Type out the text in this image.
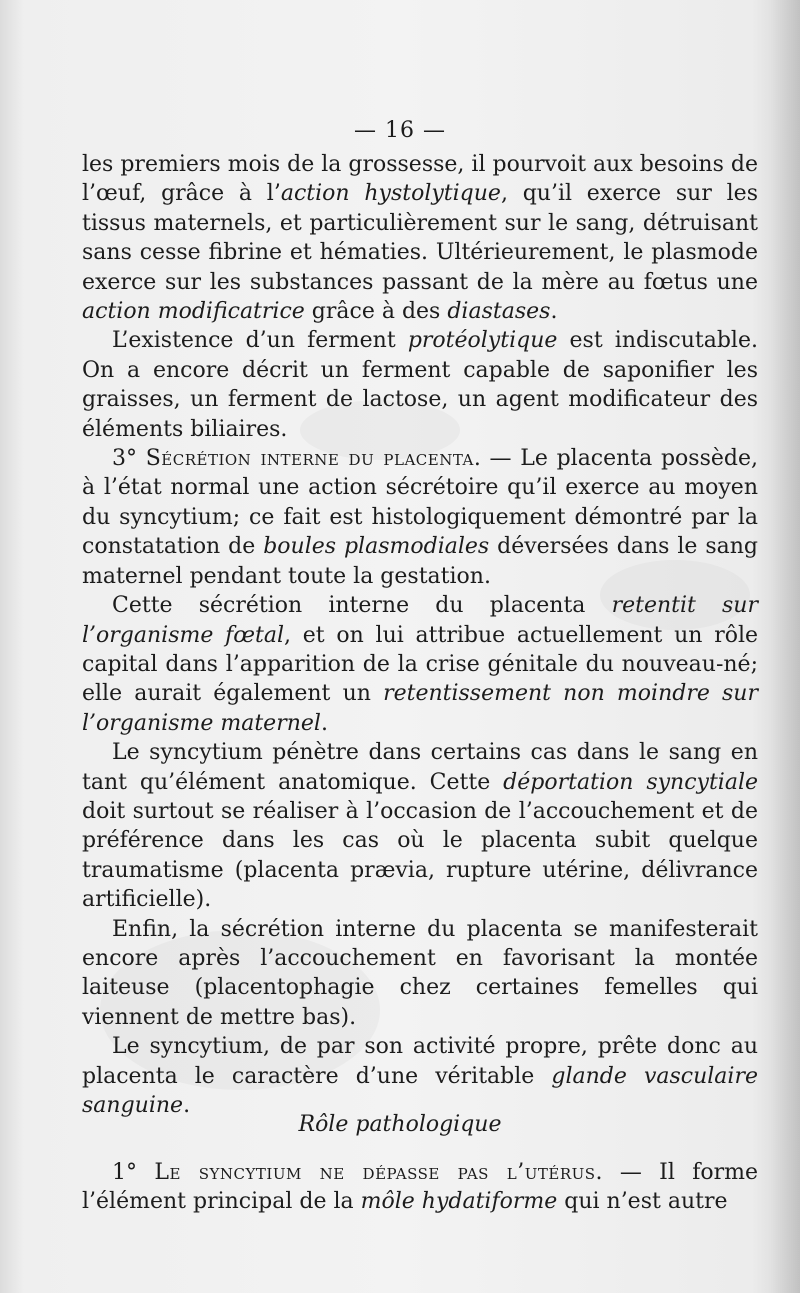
— 16 —

les premiers mois de la grossesse, il pourvoit aux besoins de l’œuf, grâce à l’action hystolytique, qu’il exerce sur les tissus maternels, et particulièrement sur le sang, détruisant sans cesse fibrine et hématies. Ultérieurement, le plasmode exerce sur les substances passant de la mère au fœtus une action modificatrice grâce à des diastases.

L’existence d’un ferment protéolytique est indiscutable. On a encore décrit un ferment capable de saponifier les graisses, un ferment de lactose, un agent modificateur des éléments biliaires.

3° Sécrétion interne du placenta. — Le placenta possède, à l’état normal une action sécrétoire qu’il exerce au moyen du syncytium; ce fait est histologiquement démontré par la constatation de boules plasmodiales déversées dans le sang maternel pendant toute la gestation.

Cette sécrétion interne du placenta retentit sur l’organisme fœtal, et on lui attribue actuellement un rôle capital dans l’apparition de la crise génitale du nouveau-né; elle aurait également un retentissement non moindre sur l’organisme maternel.

Le syncytium pénètre dans certains cas dans le sang en tant qu’élément anatomique. Cette déportation syncytiale doit surtout se réaliser à l’occasion de l’accouchement et de préférence dans les cas où le placenta subit quelque traumatisme (placenta prævia, rupture utérine, délivrance artificielle).

Enfin, la sécrétion interne du placenta se manifesterait encore après l’accouchement en favorisant la montée laiteuse (placentophagie chez certaines femelles qui viennent de mettre bas).

Le syncytium, de par son activité propre, prête donc au placenta le caractère d’une véritable glande vasculaire sanguine.

Rôle pathologique

1° Le syncytium ne dépasse pas l’utérus. — Il forme l’élément principal de la môle hydatiforme qui n’est autre
